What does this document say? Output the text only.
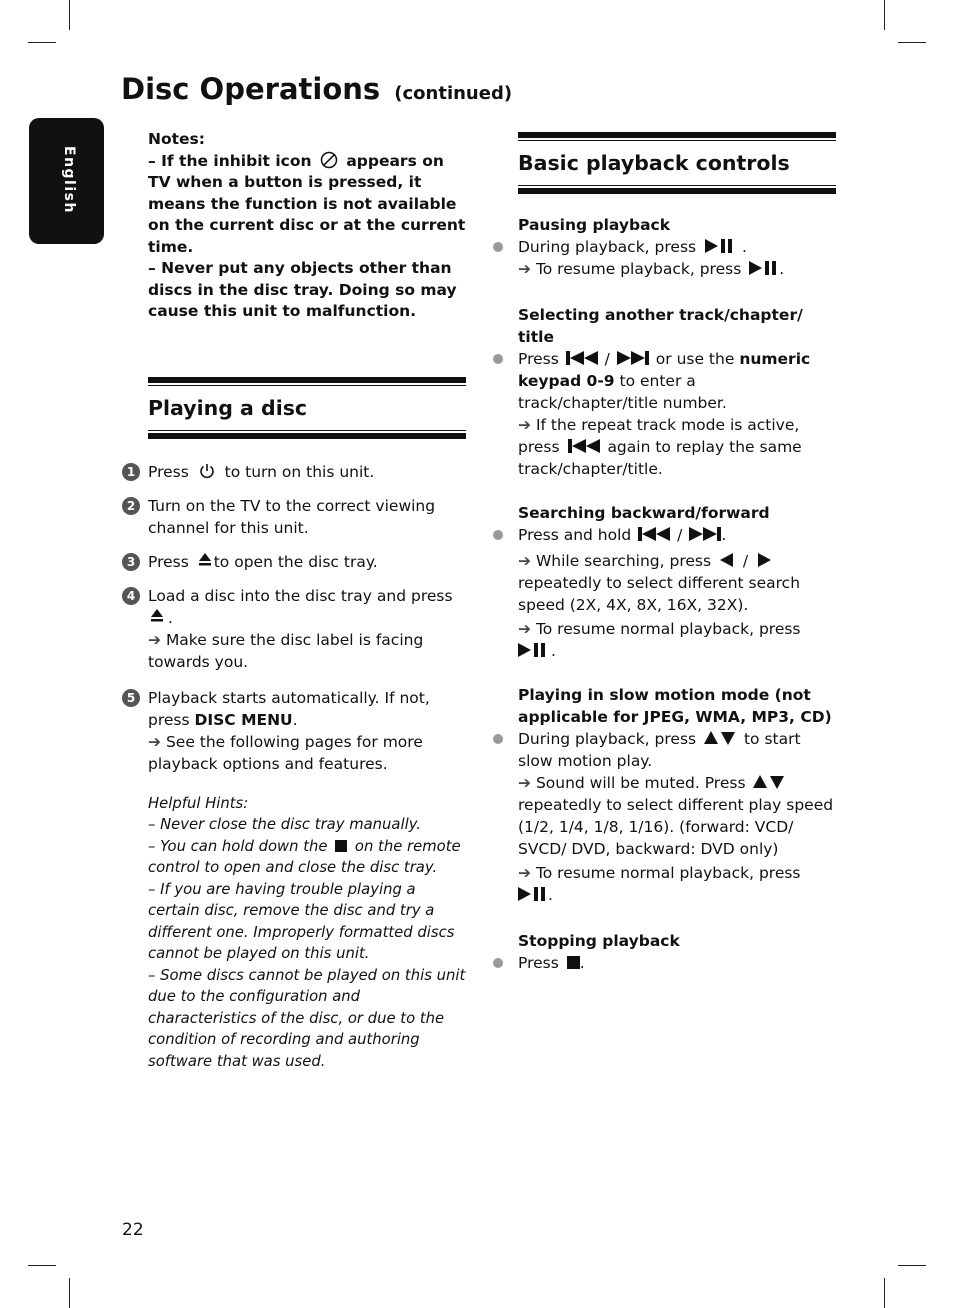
Disc Operations (continued)
English

Notes:

– If the inhibit icon appears on TV when a button is pressed, it means the function is not available on the current disc or at the current time.

– Never put any objects other than discs in the disc tray. Doing so may cause this unit to malfunction.

Playing a disc
1 Press to turn on this unit.

2 Turn on the TV to the correct viewing channel for this unit.

3 Press to open the disc tray.

4 Load a disc into the disc tray and press
.
➔ Make sure the disc label is facing towards you.

5 Playback starts automatically. If not, press DISC MENU.
➔ See the following pages for more playback options and features.

Helpful Hints:

– Never close the disc tray manually.

– You can hold down the on the remote control to open and close the disc tray.

– If you are having trouble playing a certain disc, remove the disc and try a different one. Improperly formatted discs cannot be played on this unit.

– Some discs cannot be played on this unit due to the configuration and characteristics of the disc, or due to the condition of recording and authoring software that was used.

Basic playback controls
Pausing playback

During playback, press	.
➔ To resume playback, press .

Selecting another track/chapter/ title

Press	/	or use the numeric keypad 0-9 to enter a track/chapter/title number.
➔ If the repeat track mode is active, press	again to replay the same track/chapter/title.

Searching backward/forward

Press and hold	/	.

➔ While searching, press /  repeatedly to select different search speed (2X, 4X, 8X, 16X, 32X).

➔ To resume normal playback, press
.

Playing in slow motion mode (not applicable for JPEG, WMA, MP3, CD)

During playback, press	to start slow motion play.

➔ Sound will be muted. Press  repeatedly to select different play speed (1/2, 1/4, 1/8, 1/16). (forward: VCD/ SVCD/ DVD, backward: DVD only)

➔ To resume normal playback, press
.

Stopping playback

Press .

22
